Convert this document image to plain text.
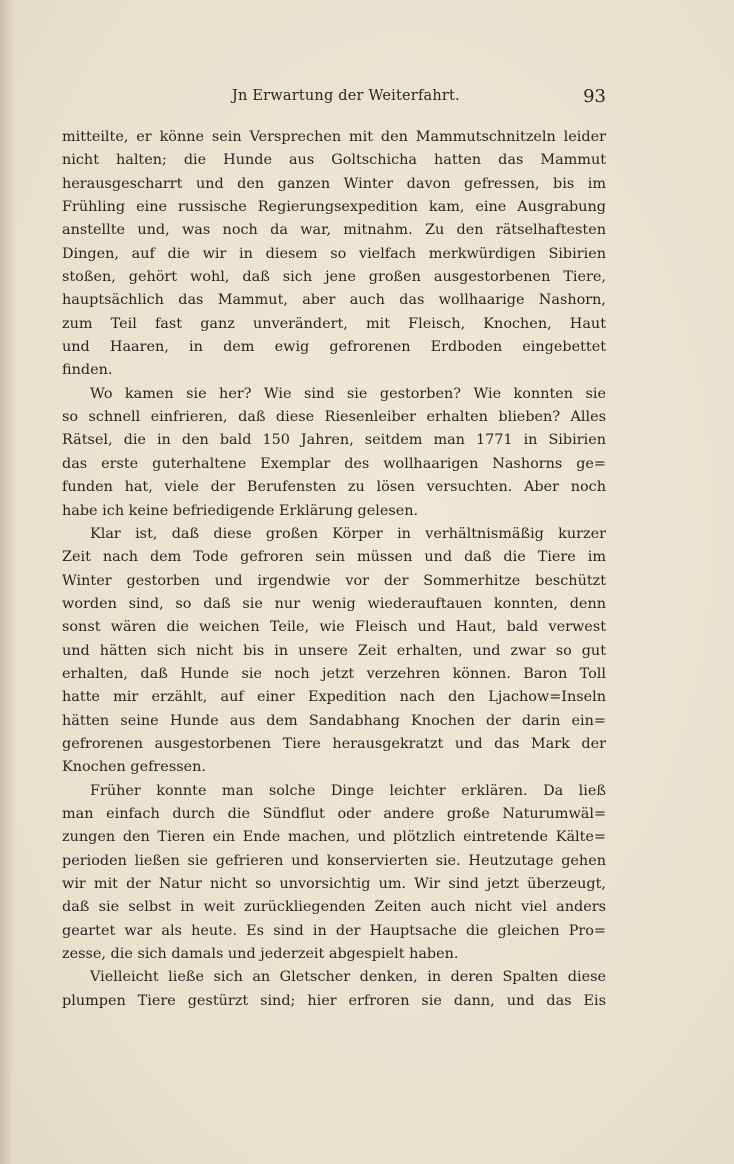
Jn Erwartung der Weiterfahrt.	93
mitteilte, er könne sein Versprechen mit den Mammutschnitzeln leider
nicht halten; die Hunde aus Goltschicha hatten das Mammut
herausgescharrt und den ganzen Winter davon gefressen, bis im
Frühling eine russische Regierungsexpedition kam, eine Ausgrabung
anstellte und, was noch da war, mitnahm. Zu den rätselhaftesten
Dingen, auf die wir in diesem so vielfach merkwürdigen Sibirien
stoßen, gehört wohl, daß sich jene großen ausgestorbenen Tiere,
hauptsächlich das Mammut, aber auch das wollhaarige Nashorn,
zum Teil fast ganz unverändert, mit Fleisch, Knochen, Haut
und Haaren, in dem ewig gefrorenen Erdboden eingebettet
finden.
Wo kamen sie her? Wie sind sie gestorben? Wie konnten sie
so schnell einfrieren, daß diese Riesenleiber erhalten blieben? Alles
Rätsel, die in den bald 150 Jahren, seitdem man 1771 in Sibirien
das erste guterhaltene Exemplar des wollhaarigen Nashorns ge=
funden hat, viele der Berufensten zu lösen versuchten. Aber noch
habe ich keine befriedigende Erklärung gelesen.
Klar ist, daß diese großen Körper in verhältnismäßig kurzer
Zeit nach dem Tode gefroren sein müssen und daß die Tiere im
Winter gestorben und irgendwie vor der Sommerhitze beschützt
worden sind, so daß sie nur wenig wiederauftauen konnten, denn
sonst wären die weichen Teile, wie Fleisch und Haut, bald verwest
und hätten sich nicht bis in unsere Zeit erhalten, und zwar so gut
erhalten, daß Hunde sie noch jetzt verzehren können. Baron Toll
hatte mir erzählt, auf einer Expedition nach den Ljachow=Inseln
hätten seine Hunde aus dem Sandabhang Knochen der darin ein=
gefrorenen ausgestorbenen Tiere herausgekratzt und das Mark der
Knochen gefressen.
Früher konnte man solche Dinge leichter erklären. Da ließ
man einfach durch die Sündflut oder andere große Naturumwäl=
zungen den Tieren ein Ende machen, und plötzlich eintretende Kälte=
perioden ließen sie gefrieren und konservierten sie. Heutzutage gehen
wir mit der Natur nicht so unvorsichtig um. Wir sind jetzt überzeugt,
daß sie selbst in weit zurückliegenden Zeiten auch nicht viel anders
geartet war als heute. Es sind in der Hauptsache die gleichen Pro=
zesse, die sich damals und jederzeit abgespielt haben.
Vielleicht ließe sich an Gletscher denken, in deren Spalten diese
plumpen Tiere gestürzt sind; hier erfroren sie dann, und das Eis
